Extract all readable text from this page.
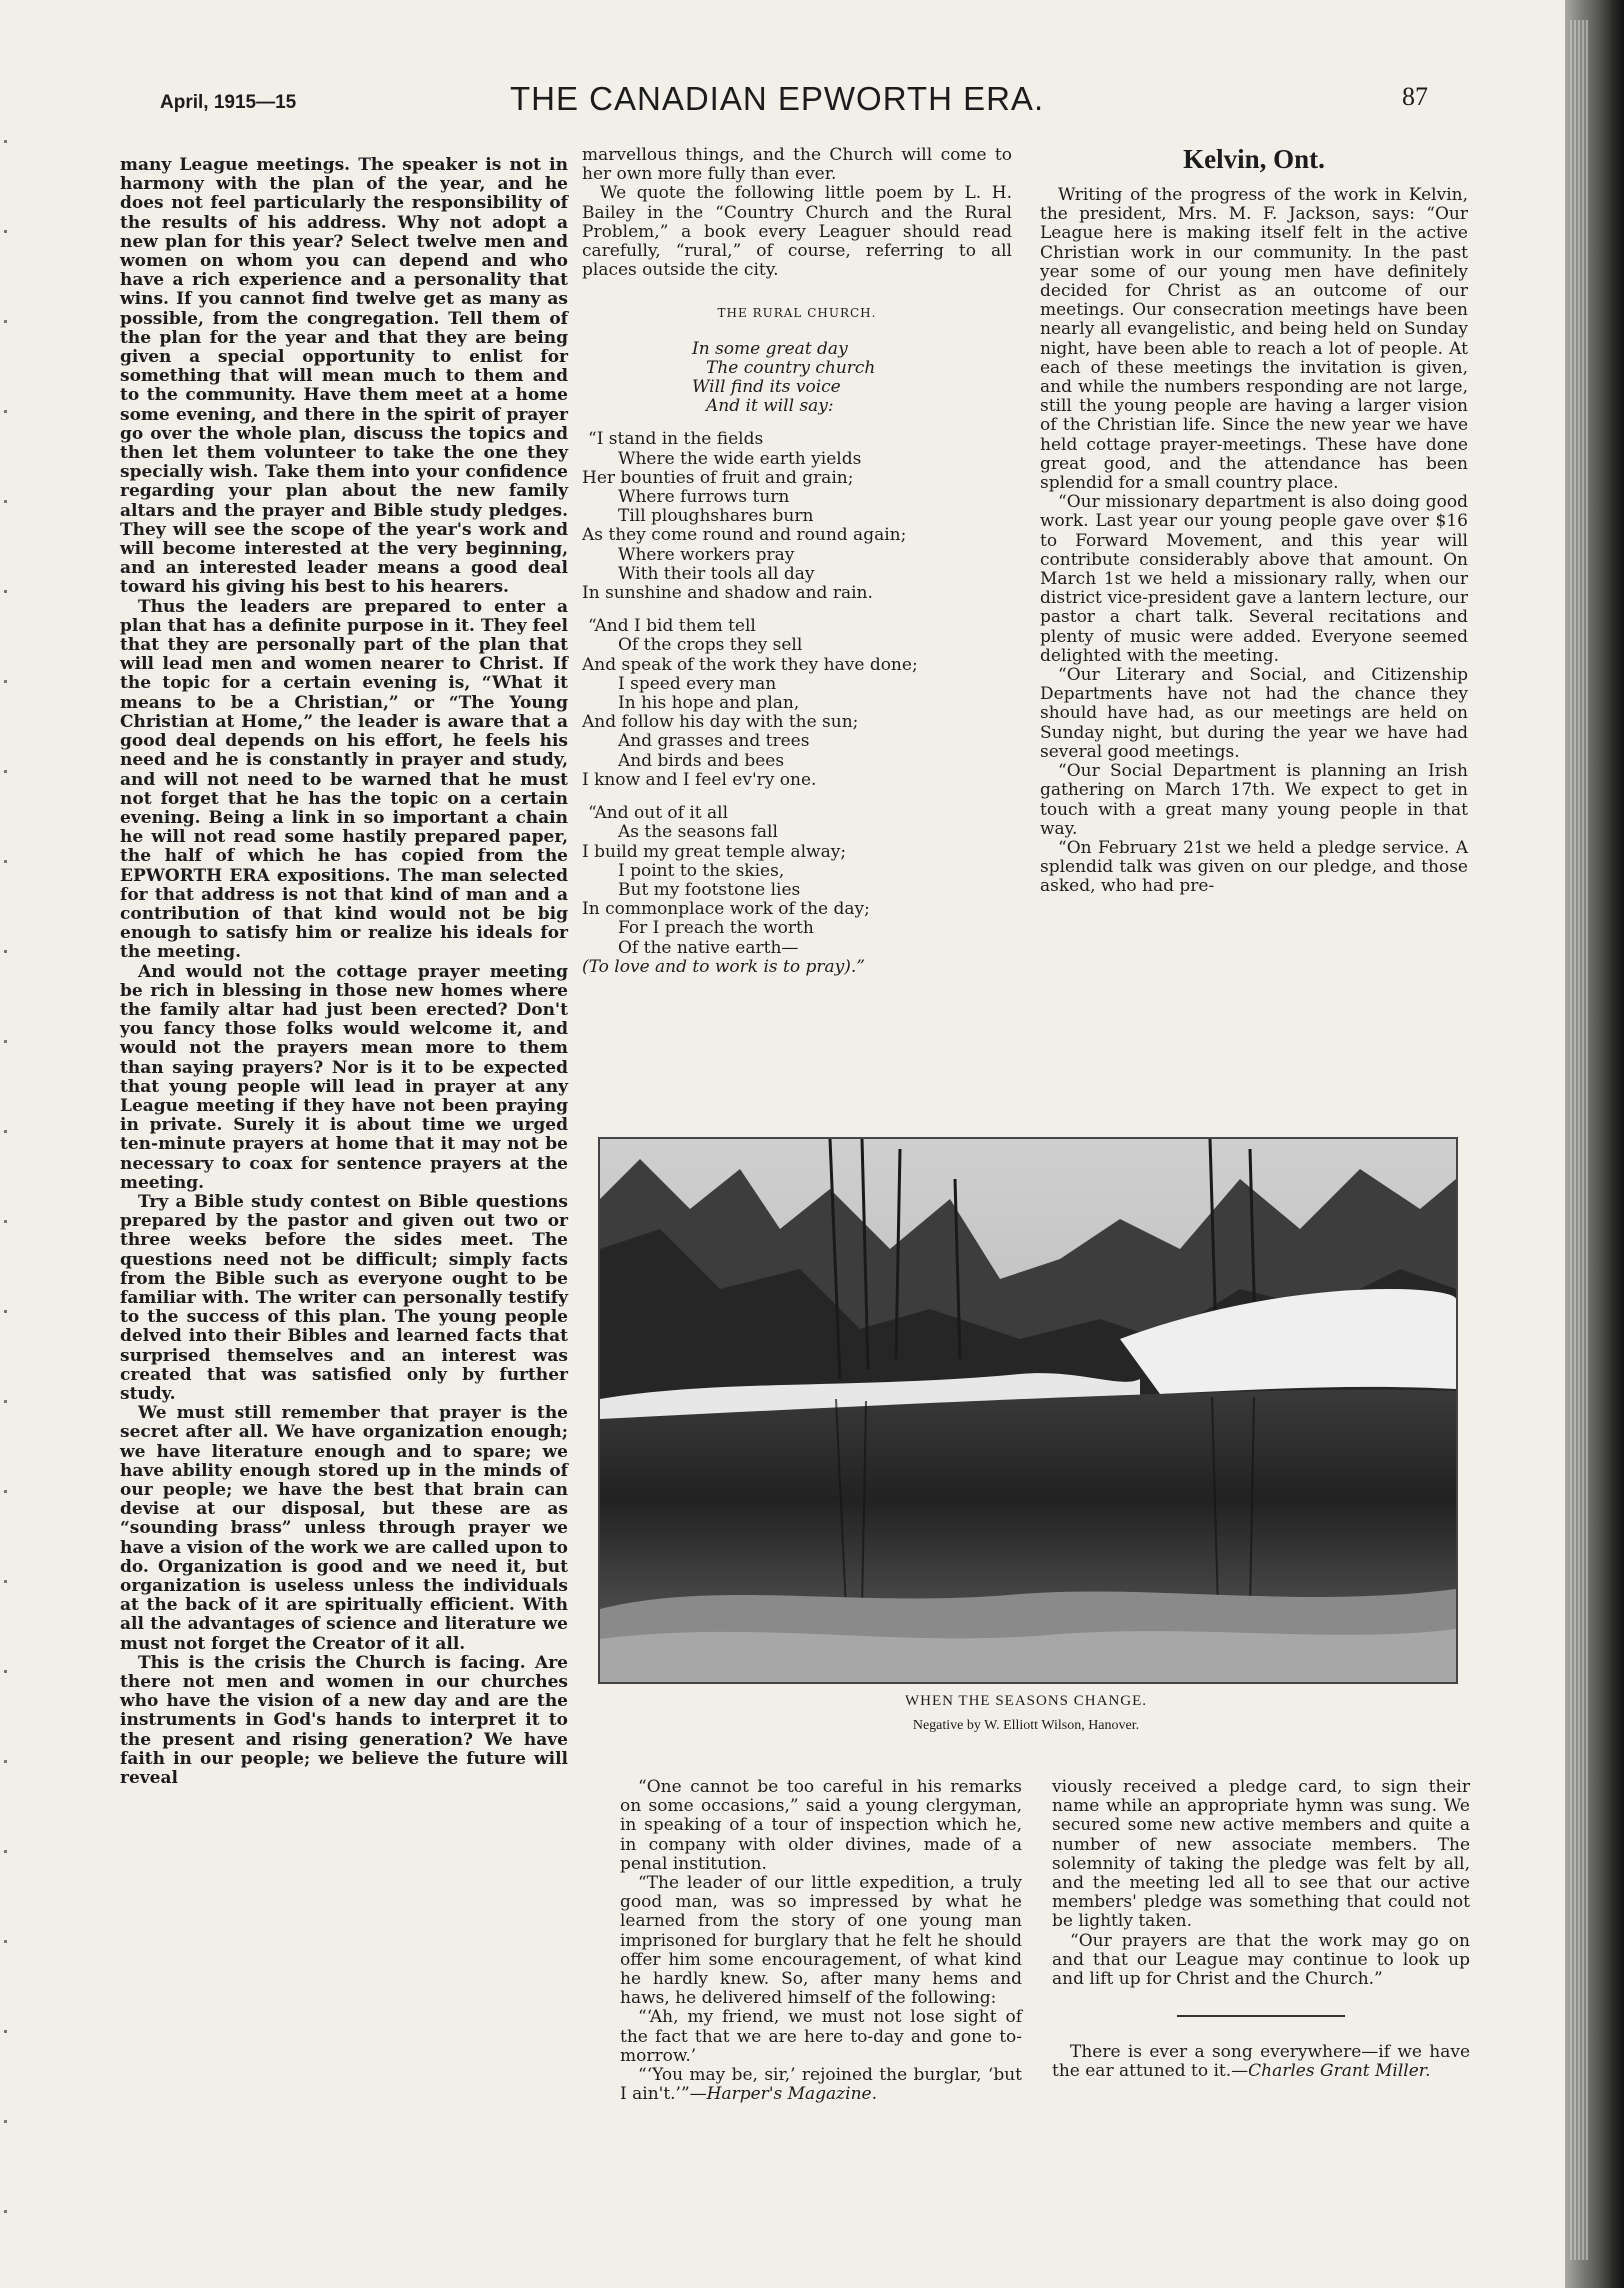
April, 1915—15	THE CANADIAN EPWORTH ERA.	87

many League meetings. The speaker is not in harmony with the plan of the year, and he does not feel particularly the responsibility of the results of his address. Why not adopt a new plan for this year? Select twelve men and women on whom you can depend and who have a rich experience and a personality that wins. If you cannot find twelve get as many as possible, from the congregation. Tell them of the plan for the year and that they are being given a special opportunity to enlist for something that will mean much to them and to the community. Have them meet at a home some evening, and there in the spirit of prayer go over the whole plan, discuss the topics and then let them volunteer to take the one they specially wish. Take them into your confidence regarding your plan about the new family altars and the prayer and Bible study pledges. They will see the scope of the year's work and will become interested at the very beginning, and an interested leader means a good deal toward his giving his best to his hearers.

Thus the leaders are prepared to enter a plan that has a definite purpose in it. They feel that they are personally part of the plan that will lead men and women nearer to Christ. If the topic for a certain evening is, “What it means to be a Christian,” or “The Young Christian at Home,” the leader is aware that a good deal depends on his effort, he feels his need and he is constantly in prayer and study, and will not need to be warned that he must not forget that he has the topic on a certain evening. Being a link in so important a chain he will not read some hastily prepared paper, the half of which he has copied from the EPWORTH ERA expositions. The man selected for that address is not that kind of man and a contribution of that kind would not be big enough to satisfy him or realize his ideals for the meeting.

And would not the cottage prayer meeting be rich in blessing in those new homes where the family altar had just been erected? Don't you fancy those folks would welcome it, and would not the prayers mean more to them than saying prayers? Nor is it to be expected that young people will lead in prayer at any League meeting if they have not been praying in private. Surely it is about time we urged ten-minute prayers at home that it may not be necessary to coax for sentence prayers at the meeting.

Try a Bible study contest on Bible questions prepared by the pastor and given out two or three weeks before the sides meet. The questions need not be difficult; simply facts from the Bible such as everyone ought to be familiar with. The writer can personally testify to the success of this plan. The young people delved into their Bibles and learned facts that surprised themselves and an interest was created that was satisfied only by further study.

We must still remember that prayer is the secret after all. We have organization enough; we have literature enough and to spare; we have ability enough stored up in the minds of our people; we have the best that brain can devise at our disposal, but these are as “sounding brass” unless through prayer we have a vision of the work we are called upon to do. Organization is good and we need it, but organization is useless unless the individuals at the back of it are spiritually efficient. With all the advantages of science and literature we must not forget the Creator of it all.

This is the crisis the Church is facing. Are there not men and women in our churches who have the vision of a new day and are the instruments in God's hands to interpret it to the present and rising generation? We have faith in our people; we believe the future will reveal

marvellous things, and the Church will come to her own more fully than ever.

We quote the following little poem by L. H. Bailey in the “Country Church and the Rural Problem,” a book every Leaguer should read carefully, “rural,” of course, referring to all places outside the city.

THE RURAL CHURCH.
In some great day
The country church
Will find its voice
And it will say:
“I stand in the fields
Where the wide earth yields
Her bounties of fruit and grain;
Where furrows turn
Till ploughshares burn
As they come round and round again;
Where workers pray
With their tools all day
In sunshine and shadow and rain.
“And I bid them tell
Of the crops they sell
And speak of the work they have done;
I speed every man
In his hope and plan,
And follow his day with the sun;
And grasses and trees
And birds and bees
I know and I feel ev'ry one.
“And out of it all
As the seasons fall
I build my great temple alway;
I point to the skies,
But my footstone lies
In commonplace work of the day;
For I preach the worth
Of the native earth—
(To love and to work is to pray).”
Kelvin, Ont.

Writing of the progress of the work in Kelvin, the president, Mrs. M. F. Jackson, says: “Our League here is making itself felt in the active Christian work in our community. In the past year some of our young men have definitely decided for Christ as an outcome of our meetings. Our consecration meetings have been nearly all evangelistic, and being held on Sunday night, have been able to reach a lot of people. At each of these meetings the invitation is given, and while the numbers responding are not large, still the young people are having a larger vision of the Christian life. Since the new year we have held cottage prayer-meetings. These have done great good, and the attendance has been splendid for a small country place.

“Our missionary department is also doing good work. Last year our young people gave over $16 to Forward Movement, and this year will contribute considerably above that amount. On March 1st we held a missionary rally, when our district vice-president gave a lantern lecture, our pastor a chart talk. Several recitations and plenty of music were added. Everyone seemed delighted with the meeting.

“Our Literary and Social, and Citizenship Departments have not had the chance they should have had, as our meetings are held on Sunday night, but during the year we have had several good meetings.

“Our Social Department is planning an Irish gathering on March 17th. We expect to get in touch with a great many young people in that way.

“On February 21st we held a pledge service. A splendid talk was given on our pledge, and those asked, who had pre-

WHEN THE SEASONS CHANGE.
Negative by W. Elliott Wilson, Hanover.

“One cannot be too careful in his remarks on some occasions,” said a young clergyman, in speaking of a tour of inspection which he, in company with older divines, made of a penal institution.

“The leader of our little expedition, a truly good man, was so impressed by what he learned from the story of one young man imprisoned for burglary that he felt he should offer him some encouragement, of what kind he hardly knew. So, after many hems and haws, he delivered himself of the following:

“‘Ah, my friend, we must not lose sight of the fact that we are here to-day and gone to-morrow.’

“‘You may be, sir,’ rejoined the burglar, ‘but I ain't.’”—Harper's Magazine.

viously received a pledge card, to sign their name while an appropriate hymn was sung. We secured some new active members and quite a number of new associate members. The solemnity of taking the pledge was felt by all, and the meeting led all to see that our active members' pledge was something that could not be lightly taken.

“Our prayers are that the work may go on and that our League may continue to look up and lift up for Christ and the Church.”

There is ever a song everywhere—if we have the ear attuned to it.—Charles Grant Miller.
